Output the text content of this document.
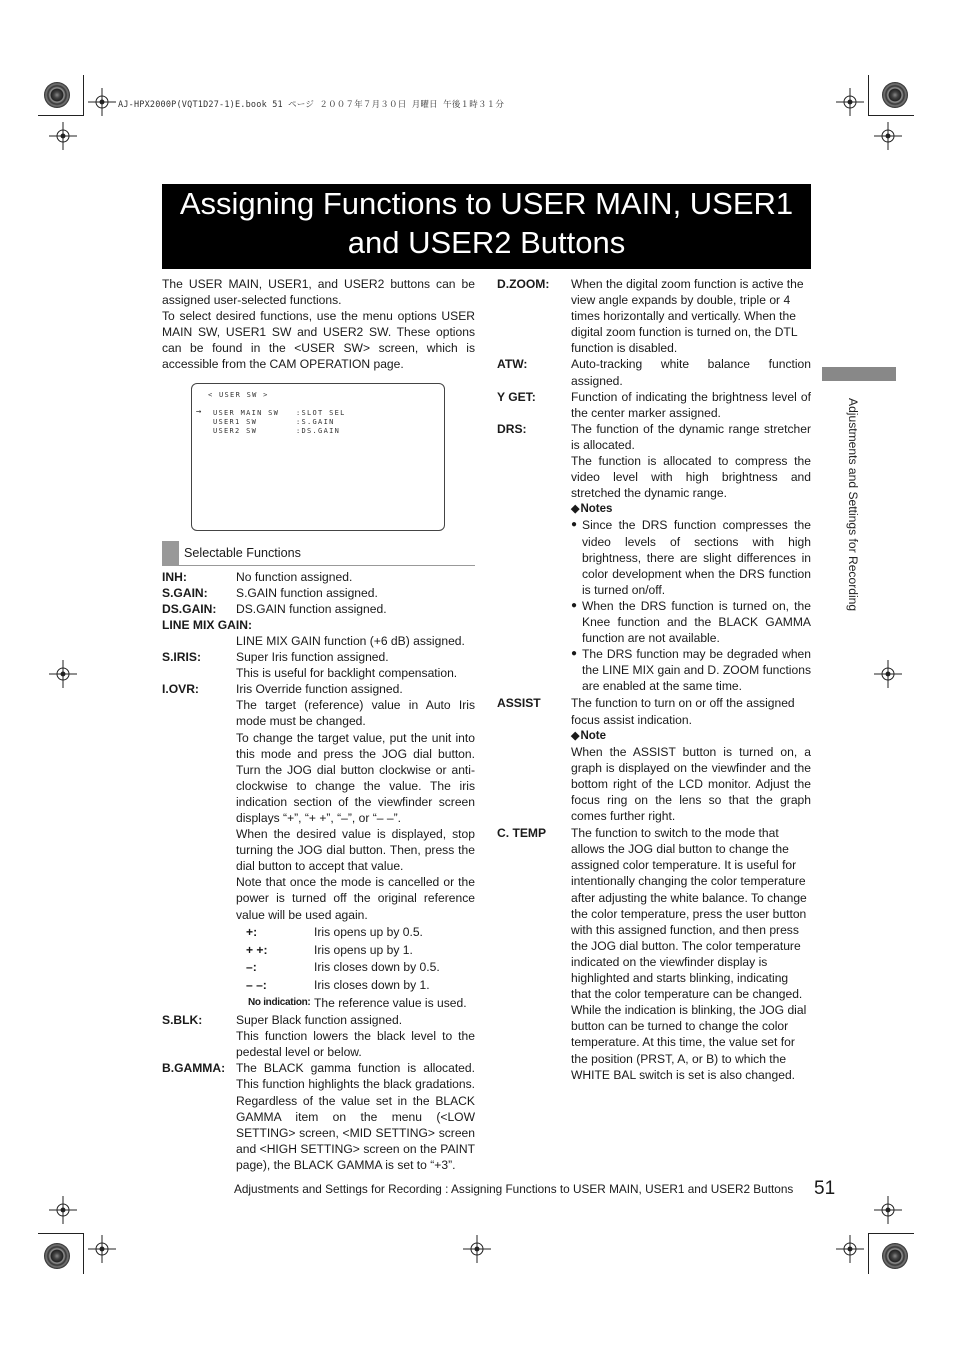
AJ-HPX2000P(VQT1D27-1)E.book 51 ページ ２００７年７月３０日 月曜日 午後１時３１分
Assigning Functions to USER MAIN, USER1
and USER2 Buttons

The USER MAIN, USER1, and USER2 buttons can be assigned user-selected functions.

To select desired functions, use the menu options USER MAIN SW, USER1 SW and USER2 SW. These options can be found in the <USER SW> screen, which is accessible from the CAM OPERATION page.

< USER SW >
→ USER MAIN SW :SLOT SEL
USER1 SW	:S.GAIN
USER2 SW	:DS.GAIN
Selectable Functions
INH:	No function assigned.
S.GAIN:	S.GAIN function assigned.
DS.GAIN:	DS.GAIN function assigned.
LINE MIX GAIN:
LINE MIX GAIN function (+6 dB) assigned.
S.IRIS:	Super Iris function assigned.
This is useful for backlight compensation.
I.OVR:	Iris Override function assigned.
The target (reference) value in Auto Iris mode must be changed.
To change the target value, put the unit into this mode and press the JOG dial button. Turn the JOG dial button clockwise or anti-clockwise to change the value. The iris indication section of the viewfinder screen displays “+”, “+ +”, “–”, or “– –”.
When the desired value is displayed, stop turning the JOG dial button. Then, press the dial button to accept that value.
Note that once the mode is cancelled or the power is turned off the original reference value will be used again.
+:	Iris opens up by 0.5.
+ +:	Iris opens up by 1.
–:	Iris closes down by 0.5.
– –:	Iris closes down by 1.
No indication: The reference value is used.
S.BLK:	Super Black function assigned.
This function lowers the black level to the pedestal level or below.
B.GAMMA: The BLACK gamma function is allocated. This function highlights the black gradations. Regardless of the value set in the BLACK GAMMA item on the menu (<LOW SETTING> screen, <MID SETTING> screen and <HIGH SETTING> screen on the PAINT page), the BLACK GAMMA is set to “+3”.
D.ZOOM:	When the digital zoom function is active the view angle expands by double, triple or 4 times horizontally and vertically. When the digital zoom function is turned on, the DTL function is disabled.
ATW:	Auto-tracking white balance function assigned.
Y GET:	Function of indicating the brightness level of the center marker assigned.
DRS:	The function of the dynamic range stretcher is allocated.
The function is allocated to compress the video level with high brightness and stretched the dynamic range.
◆Notes
● Since the DRS function compresses the video levels of sections with high brightness, there are slight differences in color development when the DRS function is turned on/off.
● When the DRS function is turned on, the Knee function and the BLACK GAMMA function are not available.
● The DRS function may be degraded when the LINE MIX gain and D. ZOOM functions are enabled at the same time.
ASSIST	The function to turn on or off the assigned focus assist indication.
◆Note
When the ASSIST button is turned on, a graph is displayed on the viewfinder and the bottom right of the LCD monitor. Adjust the focus ring on the lens so that the graph comes further right.
C. TEMP	The function to switch to the mode that allows the JOG dial button to change the assigned color temperature. It is useful for intentionally changing the color temperature after adjusting the white balance. To change the color temperature, press the user button with this assigned function, and then press the JOG dial button. The color temperature indicated on the viewfinder display is highlighted and starts blinking, indicating that the color temperature can be changed. While the indication is blinking, the JOG dial button can be turned to change the color temperature. At this time, the value set for the position (PRST, A, or B) to which the WHITE BAL switch is set is also changed.
Adjustments and Settings for Recording
Adjustments and Settings for Recording : Assigning Functions to USER MAIN, USER1 and USER2 Buttons 51
